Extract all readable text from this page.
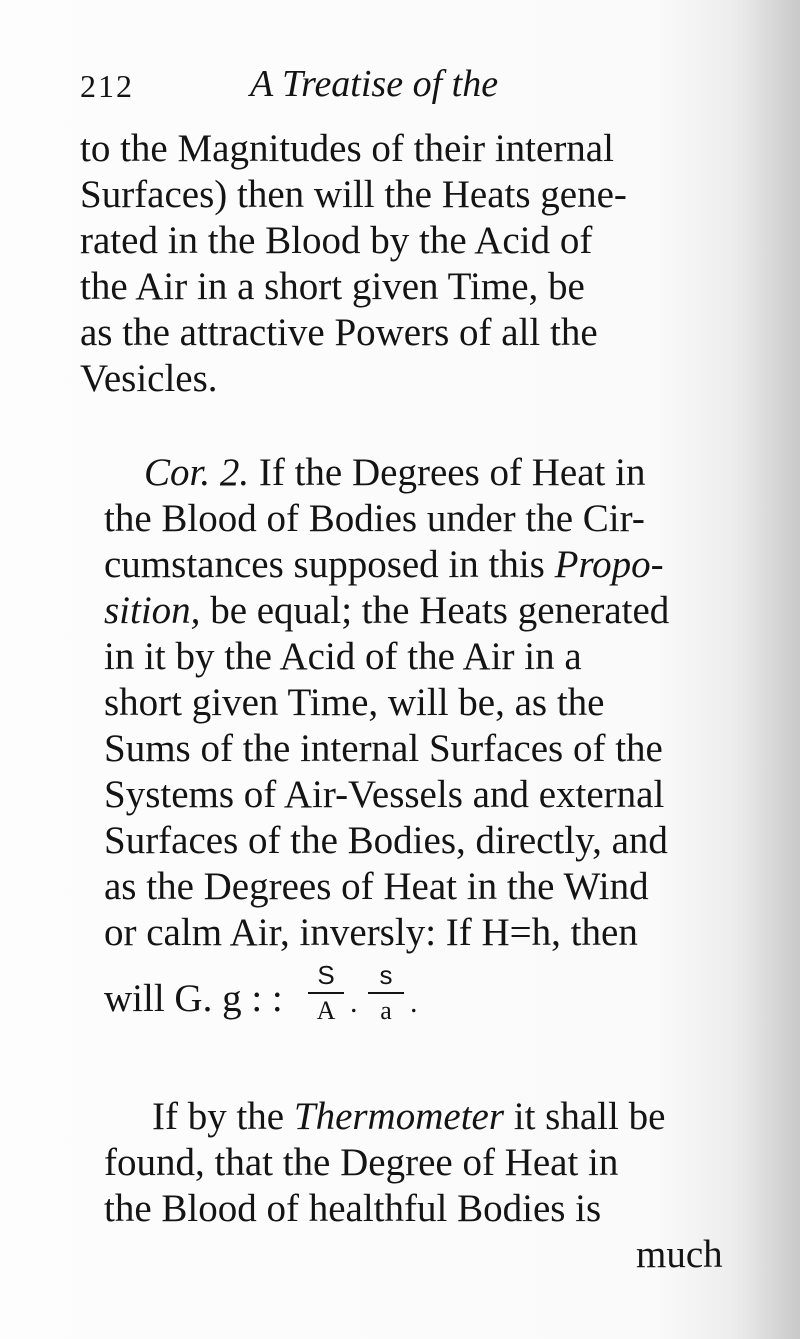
212	A Treatise of the
to the Magnitudes of their internal
Surfaces) then will the Heats gene-
rated in the Blood by the Acid of
the Air in a short given Time, be
as the attractive Powers of all the
Vesicles.
Cor. 2. If the Degrees of Heat in
the Blood of Bodies under the Cir-
cumstances supposed in this Propo-
sition, be equal; the Heats generated
in it by the Acid of the Air in a
short given Time, will be, as the
Sums of the internal Surfaces of the
Systems of Air-Vessels and external
Surfaces of the Bodies, directly, and
as the Degrees of Heat in the Wind
or calm Air, inversly: If H=h, then
will G. g : :
S
A .
s
a .
If by the Thermometer it shall be
found, that the Degree of Heat in
the Blood of healthful Bodies is
much
